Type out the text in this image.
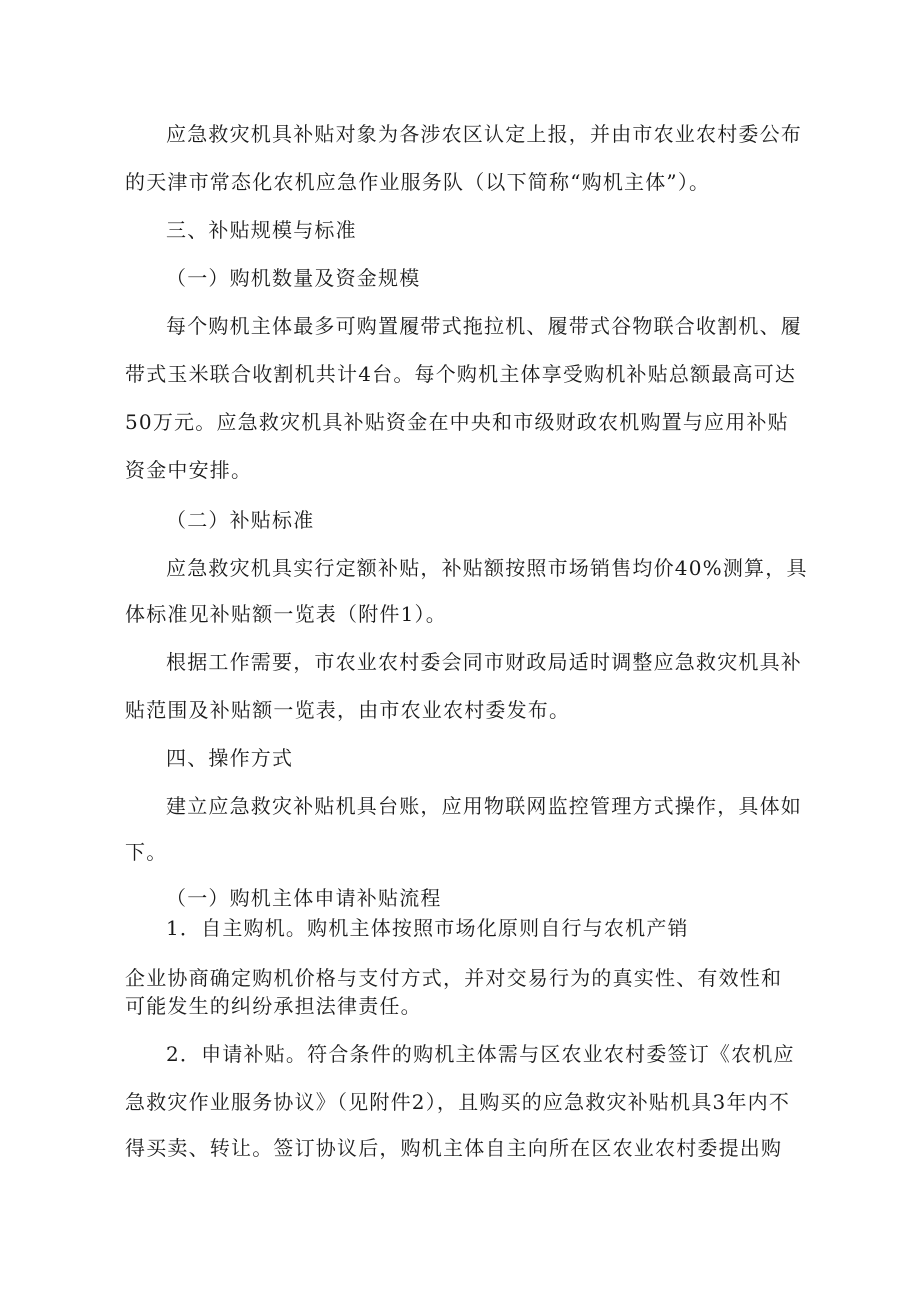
应急救灾机具补贴对象为各涉农区认定上报，并由市农业农村委公布
的天津市常态化农机应急作业服务队（以下简称“购机主体”）。
三、补贴规模与标准
（一）购机数量及资金规模
每个购机主体最多可购置履带式拖拉机、履带式谷物联合收割机、履
带式玉米联合收割机共计4台。每个购机主体享受购机补贴总额最高可达
50万元。应急救灾机具补贴资金在中央和市级财政农机购置与应用补贴
资金中安排。
（二）补贴标准
应急救灾机具实行定额补贴，补贴额按照市场销售均价40%测算，具
体标准见补贴额一览表（附件1）。
根据工作需要，市农业农村委会同市财政局适时调整应急救灾机具补
贴范围及补贴额一览表，由市农业农村委发布。
四、操作方式
建立应急救灾补贴机具台账，应用物联网监控管理方式操作，具体如
下。
（一）购机主体申请补贴流程
1．自主购机。购机主体按照市场化原则自行与农机产销
企业协商确定购机价格与支付方式，并对交易行为的真实性、有效性和
可能发生的纠纷承担法律责任。
2．申请补贴。符合条件的购机主体需与区农业农村委签订《农机应
急救灾作业服务协议》（见附件2），且购买的应急救灾补贴机具3年内不
得买卖、转让。签订协议后，购机主体自主向所在区农业农村委提出购
